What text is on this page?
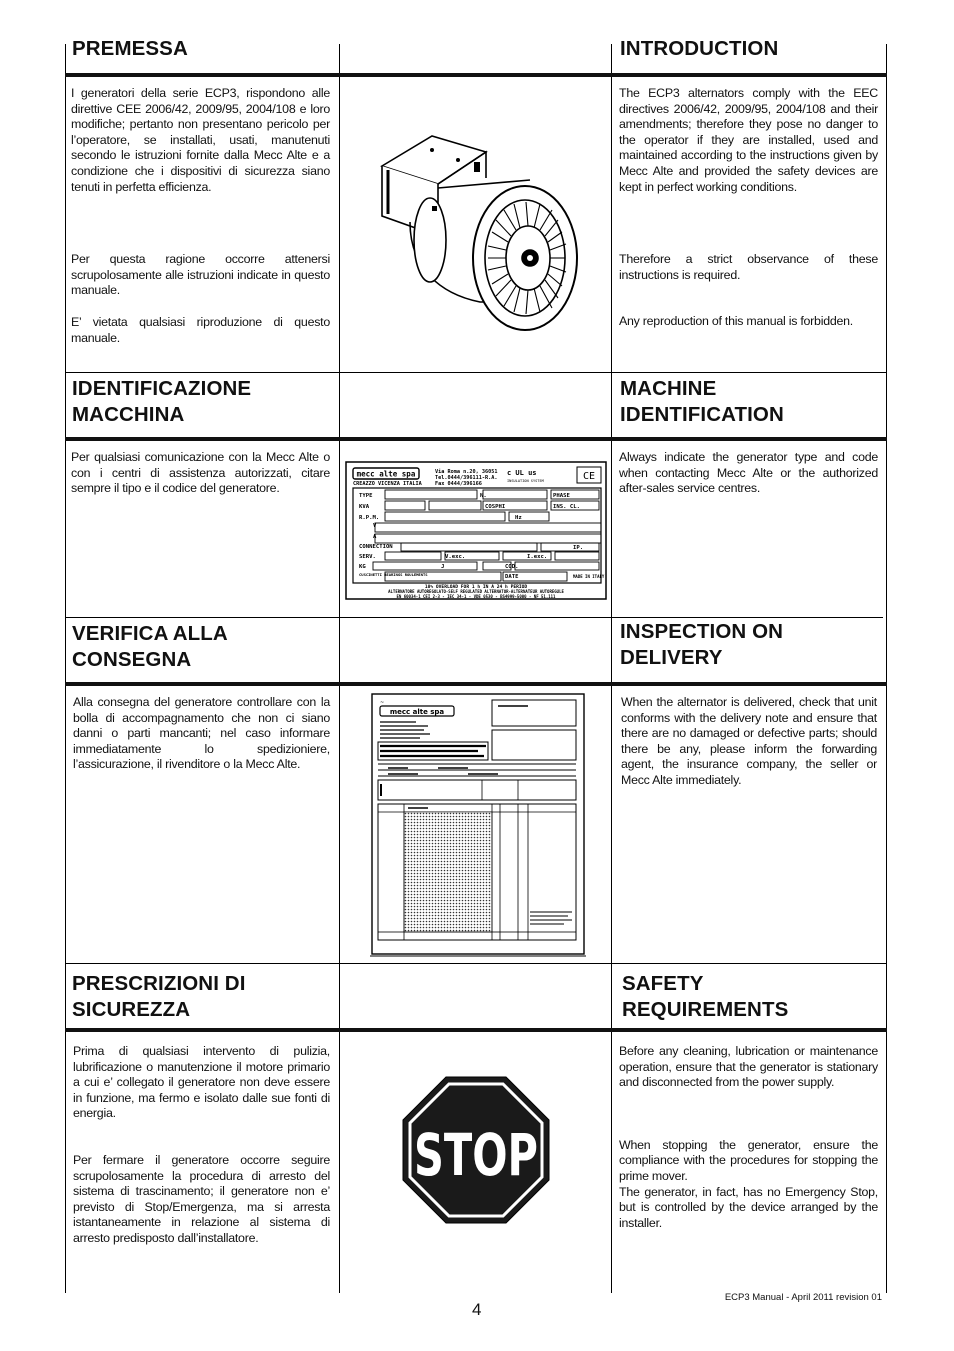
PREMESSA	INTRODUCTION

I generatori della serie ECP3, rispondono alle direttive CEE 2006/42, 2009/95, 2004/108 e loro modifiche; pertanto non presentano pericolo per l’operatore, se installati, usati, manutenuti secondo le istruzioni fornite dalla Mecc Alte e a condizione che i dispositivi di sicurezza siano tenuti in perfetta efficienza.

Per questa ragione occorre attenersi scrupolosamente alle istruzioni indicate in questo manuale.

E’ vietata qualsiasi riproduzione di questo manuale.

The ECP3 alternators comply with the EEC directives 2006/42, 2009/95, 2004/108 and their amendments; therefore they pose no danger to the operator if they are installed, used and maintained according to the instructions given by Mecc Alte and provided the safety devices are kept in perfect working conditions.

Therefore a strict observance of these instructions is required.

Any reproduction of this manual is forbidden.

IDENTIFICAZIONE MACCHINA
MACHINE IDENTIFICATION

Per qualsiasi comunicazione con la Mecc Alte o con i centri di assistenza autorizzati, citare sempre il tipo e il codice del generatore.

Always indicate the generator type and code when contacting Mecc Alte or the authorized after-sales service centres.

mecc alte spa	Via Roma n.20, 36051
Tel.0444/396111-R.A.
CREAZZO VICENZA ITALIA	Fax 0444/396166
c UL us
INSULATION SYSTEM	CE
TYPE	N.	PHASE
KVA	COSPHI	INS. CL.
R.P.M.	Hz
V
A
CONNECTION	IP.
SERV.	V.exc.	I.exc.
KG	J	COD.
DATE
CUSCINETTI BEARINGS ROULEMENTS	MADE IN ITALY
10% OVERLOAD FOR 1 h IN A 24 h PERIOD
ALTERNATORE AUTOREGOLATO-SELF REGULATED ALTERNATOR-ALTERNATEUR AUTOREGULE
EN 60034-1 CEI 2-3 - IEC 34-1 - VDE 0530 - BS4999-5000 - NF 51.111
VERIFICA ALLA CONSEGNA
INSPECTION ON DELIVERY

Alla consegna del generatore controllare con la bolla di accompagnamento che non ci siano danni o parti mancanti; nel caso informare immediatamente lo spedizioniere, l’assicurazione, il rivenditore o la Mecc Alte.

When the alternator is delivered, check that unit conforms with the delivery note and ensure that there are no damaged or defective parts; should there be any, please inform the forwarding agent, the insurance company, the seller or Mecc Alte immediately.

~
mecc alte spa
PRESCRIZIONI DI SICUREZZA
SAFETY REQUIREMENTS

Prima di qualsiasi intervento di pulizia, lubrificazione o manutenzione il motore primario a cui e’ collegato il generatore non deve essere in funzione, ma fermo e isolato dalle sue fonti di energia.

Per fermare il generatore occorre seguire scrupolosamente la procedura di arresto del sistema di trascinamento; il generatore non e’ previsto di Stop/Emergenza, ma si arresta istantaneamente in relazione al sistema di arresto predisposto dall’installatore.

Before any cleaning, lubrication or maintenance operation, ensure that the generator is stationary and disconnected from the power supply.

When stopping the generator, ensure the compliance with the procedures for stopping the prime mover.

The generator, in fact, has no Emergency Stop, but is controlled by the device arranged by the installer.

STOP
ECP3 Manual - April 2011 revision 01
4
